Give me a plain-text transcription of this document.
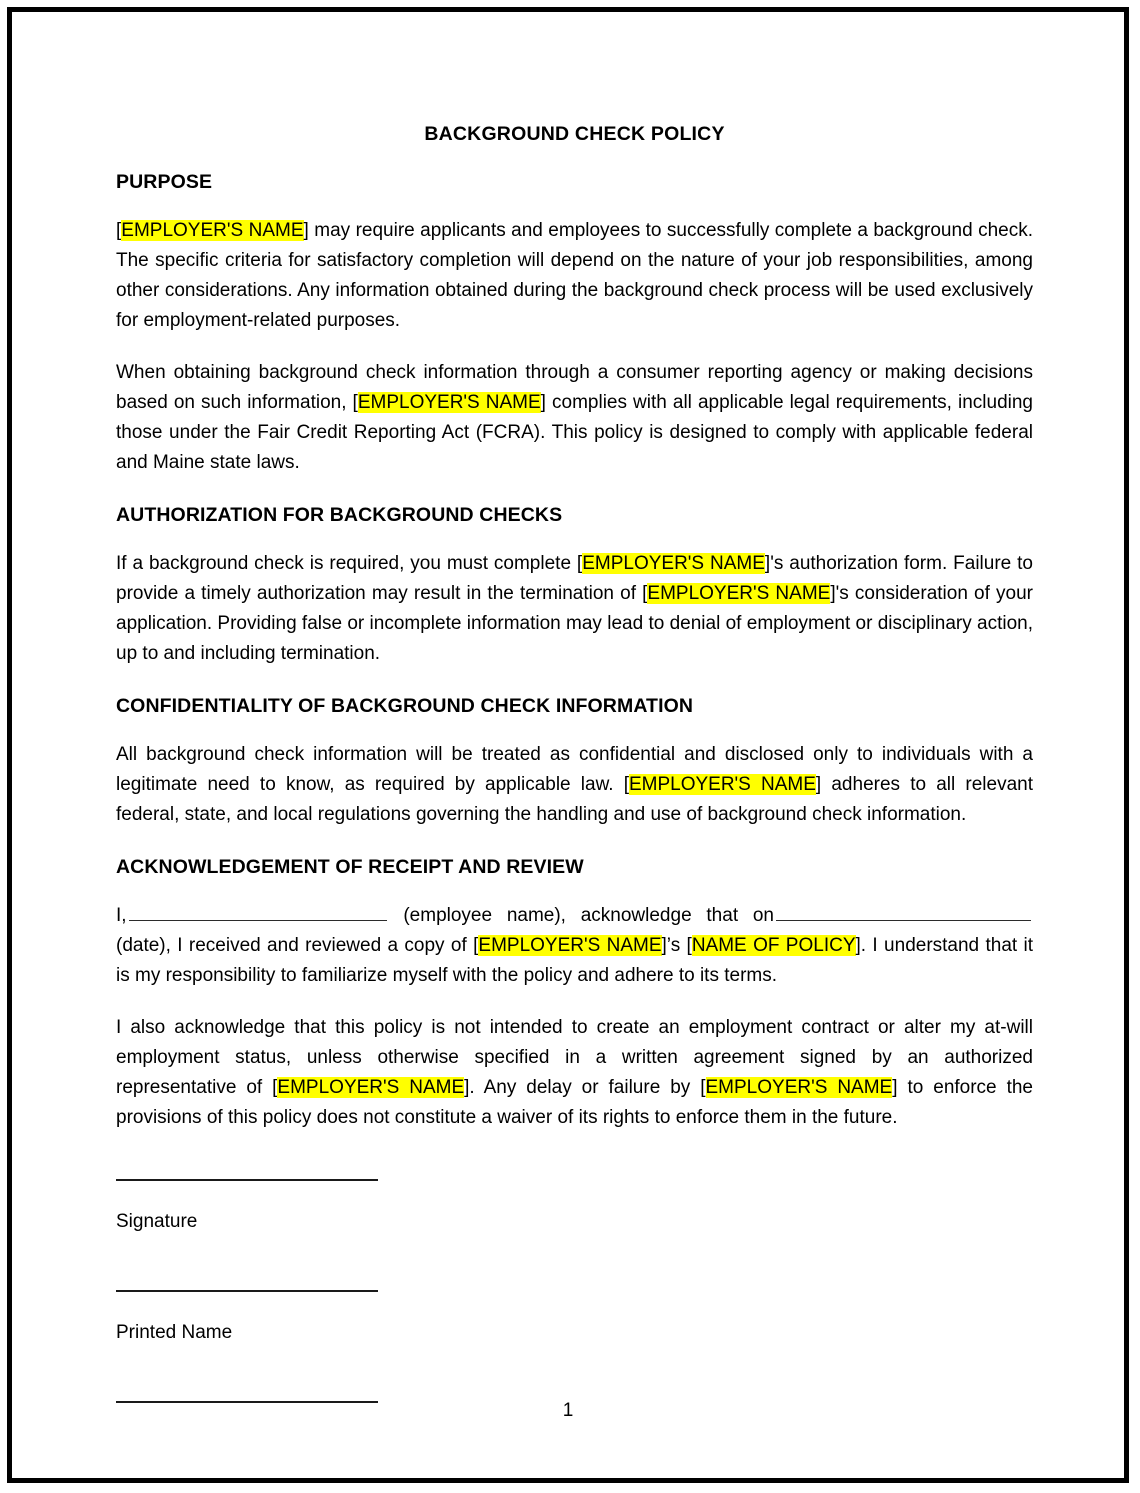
BACKGROUND CHECK POLICY
PURPOSE

[EMPLOYER'S NAME] may require applicants and employees to successfully complete a background check. The specific criteria for satisfactory completion will depend on the nature of your job responsibilities, among other considerations. Any information obtained during the background check process will be used exclusively for employment-related purposes.

When obtaining background check information through a consumer reporting agency or making decisions based on such information, [EMPLOYER'S NAME] complies with all applicable legal requirements, including those under the Fair Credit Reporting Act (FCRA). This policy is designed to comply with applicable federal and Maine state laws.

AUTHORIZATION FOR BACKGROUND CHECKS

If a background check is required, you must complete [EMPLOYER'S NAME]'s authorization form. Failure to provide a timely authorization may result in the termination of [EMPLOYER'S NAME]'s consideration of your application. Providing false or incomplete information may lead to denial of employment or disciplinary action, up to and including termination.

CONFIDENTIALITY OF BACKGROUND CHECK INFORMATION

All background check information will be treated as confidential and disclosed only to individuals with a legitimate need to know, as required by applicable law. [EMPLOYER'S NAME] adheres to all relevant federal, state, and local regulations governing the handling and use of background check information.

ACKNOWLEDGEMENT OF RECEIPT AND REVIEW

I,	(employee name), acknowledge that on (date), I received and reviewed a copy of [EMPLOYER'S NAME]’s [NAME OF POLICY]. I understand that it is my responsibility to familiarize myself with the policy and adhere to its terms.

I also acknowledge that this policy is not intended to create an employment contract or alter my at-will employment status, unless otherwise specified in a written agreement signed by an authorized representative of [EMPLOYER'S NAME]. Any delay or failure by [EMPLOYER'S NAME] to enforce the provisions of this policy does not constitute a waiver of its rights to enforce them in the future.

Signature

Printed Name

1
